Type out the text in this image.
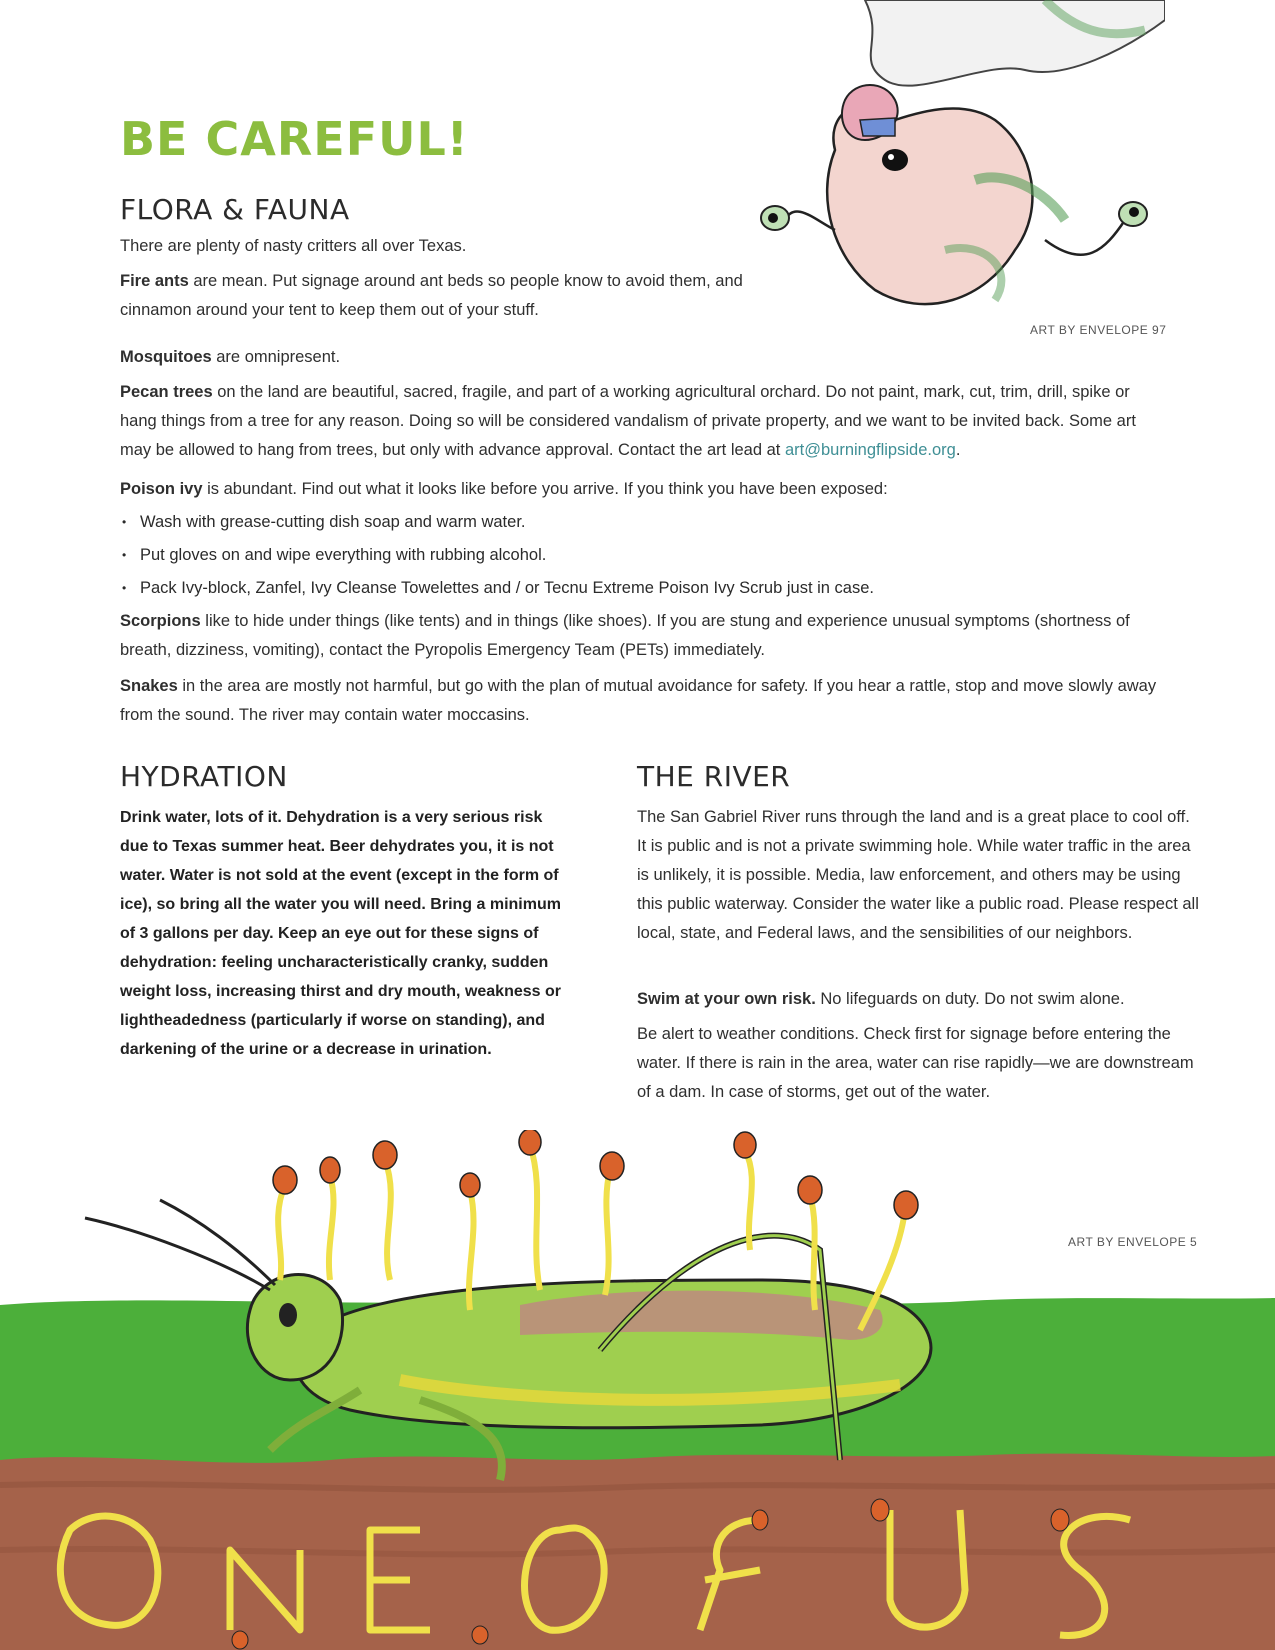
ART BY ENVELOPE 97
BE CAREFUL!
FLORA & FAUNA

There are plenty of nasty critters all over Texas.

Fire ants are mean. Put signage around ant beds so people know to avoid them, and cinnamon around your tent to keep them out of your stuff.

Mosquitoes are omnipresent.

Pecan trees on the land are beautiful, sacred, fragile, and part of a working agricultural orchard. Do not paint, mark, cut, trim, drill, spike or hang things from a tree for any reason. Doing so will be considered vandalism of private property, and we want to be invited back. Some art may be allowed to hang from trees, but only with advance approval. Contact the art lead at art@burningflipside.org.

Poison ivy is abundant. Find out what it looks like before you arrive. If you think you have been exposed:

• Wash with grease-cutting dish soap and warm water.
• Put gloves on and wipe everything with rubbing alcohol.
• Pack Ivy-block, Zanfel, Ivy Cleanse Towelettes and / or Tecnu Extreme Poison Ivy Scrub just in case.

Scorpions like to hide under things (like tents) and in things (like shoes). If you are stung and experience unusual symptoms (shortness of breath, dizziness, vomiting), contact the Pyropolis Emergency Team (PETs) immediately.

Snakes in the area are mostly not harmful, but go with the plan of mutual avoidance for safety. If you hear a rattle, stop and move slowly away from the sound. The river may contain water moccasins.

HYDRATION

Drink water, lots of it. Dehydration is a very serious risk due to Texas summer heat. Beer dehydrates you, it is not water. Water is not sold at the event (except in the form of ice), so bring all the water you will need. Bring a minimum of 3 gallons per day. Keep an eye out for these signs of dehydration: feeling uncharacteristically cranky, sudden weight loss, increasing thirst and dry mouth, weakness or lightheadedness (particularly if worse on standing), and darkening of the urine or a decrease in urination.

THE RIVER

The San Gabriel River runs through the land and is a great place to cool off. It is public and is not a private swimming hole. While water traffic in the area is unlikely, it is possible. Media, law enforcement, and others may be using this public waterway. Consider the water like a public road. Please respect all local, state, and Federal laws, and the sensibilities of our neighbors.

Swim at your own risk. No lifeguards on duty. Do not swim alone.

Be alert to weather conditions. Check first for signage before entering the water. If there is rain in the area, water can rise rapidly—we are downstream of a dam. In case of storms, get out of the water.

ART BY ENVELOPE 5
